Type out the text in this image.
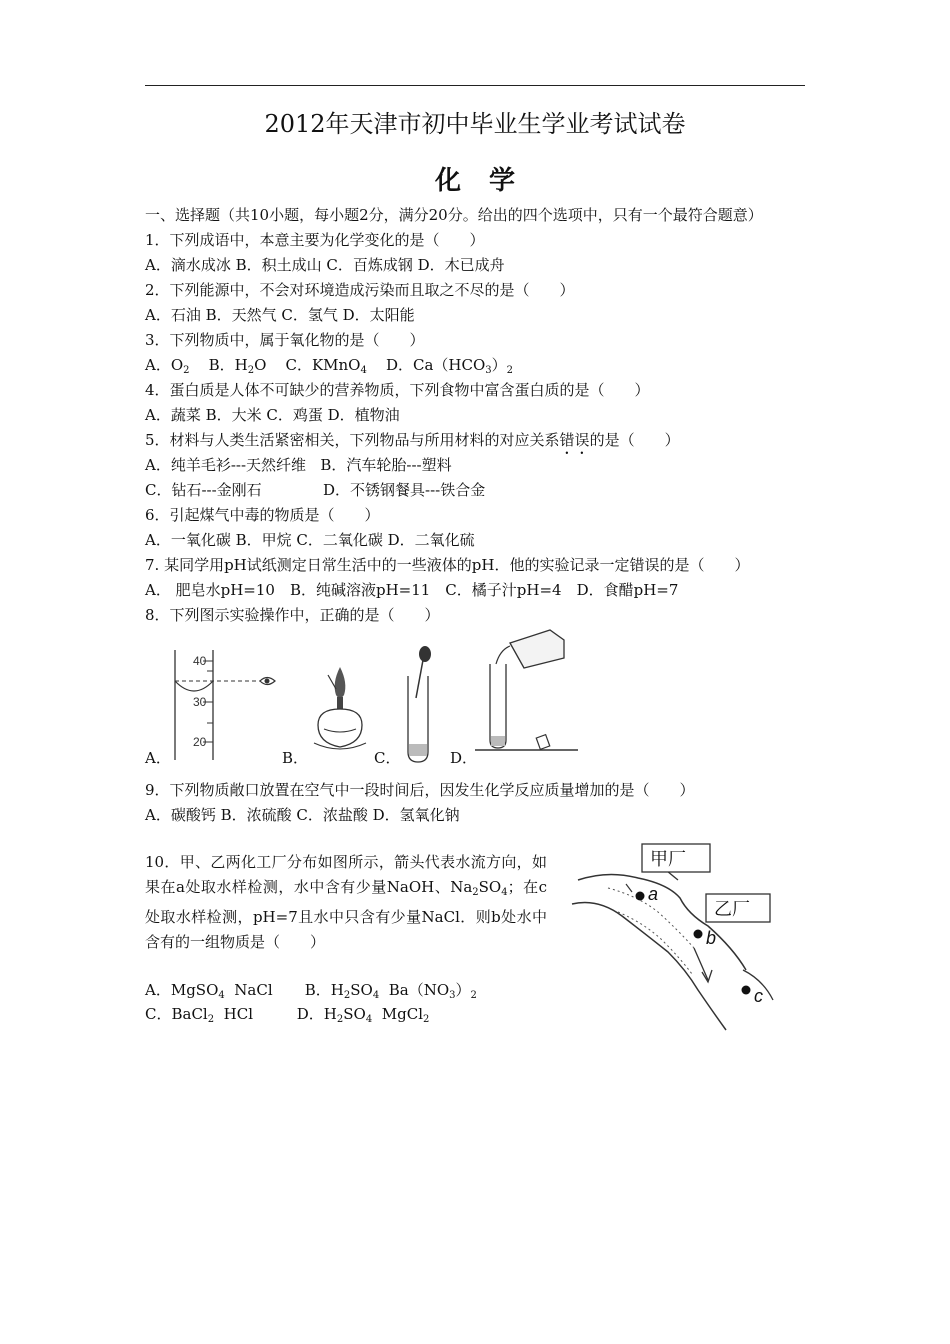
2012年天津市初中毕业生学业考试试卷
化学
一、选择题（共10小题，每小题2分，满分20分。给出的四个选项中，只有一个最符合题意）
1．下列成语中，本意主要为化学变化的是（　　）
A．滴水成冰 B．积土成山 C．百炼成钢 D．木已成舟
2．下列能源中，不会对环境造成污染而且取之不尽的是（　　）
A．石油 B．天然气 C．氢气 D．太阳能
3．下列物质中，属于氧化物的是（　　）
A．$O_2$ B．$H_2O$ C．KMnO$_4$ D．$Ca(HCO_3)_2$
4．蛋白质是人体不可缺少的营养物质，下列食物中富含蛋白质的是（　　）
A．蔬菜 B．大米 C．鸡蛋 D．植物油
5．材料与人类生活紧密相关，下列物品与所用材料的对应关系错误的是（　　）
A．纯羊毛衫---天然纤维 B．汽车轮胎---塑料
C．钻石---金刚石	D．不锈钢餐具---铁合金
6．引起煤气中毒的物质是（　　）
A．一氧化碳 B．甲烷 C．二氧化碳 D．二氧化硫
7. 某同学用pH试纸测定日常生活中的一些液体的pH．他的实验记录一定错误的是（　　）
A． 肥皂水pH=10　B．纯碱溶液pH=11　C．橘子汁pH=4　D．食醋pH=7
8．下列图示实验操作中，正确的是（　　）
A．	B．	C．	D．
40
30
20
9．下列物质敞口放置在空气中一段时间后，因发生化学反应质量增加的是（　　）
A．碳酸钙 B．浓硫酸 C．浓盐酸 D．氢氧化钠

10．甲、乙两化工厂分布如图所示，箭头代表水流方向，如果在a处取水样检测，水中含有少量NaOH、$Na_2SO_4$；在c处取水样检测，pH=7且水中只含有少量NaCl．则b处水中含有的一组物质是（　　）

甲厂
乙厂
a
b
c
A．MgSO$_4$ NaCl B．$H_2SO_4$ $Ba(NO_3)_2$
C．BaCl$_2$ HCl	D．$H_2SO_4$ MgCl$_2$
